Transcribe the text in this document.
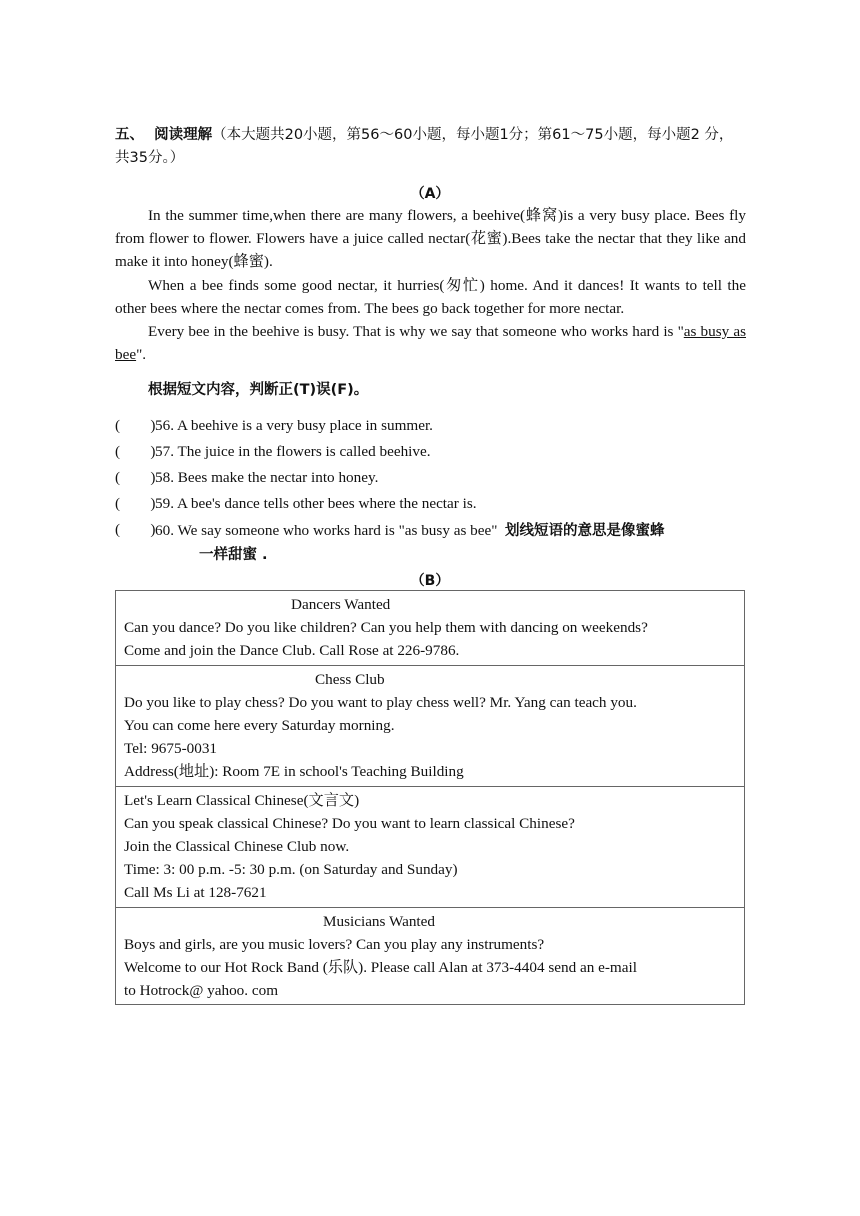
五、 阅读理解（本大题共20小题，第56～60小题，每小题1分；第61～75小题，每小题2 分，共35分。）
（A）

In the summer time,when there are many flowers, a beehive(蜂窝)is a very busy place. Bees fly from flower to flower. Flowers have a juice called nectar(花蜜).Bees take the nectar that they like and make it into honey(蜂蜜).

When a bee finds some good nectar, it hurries(匆忙) home. And it dances! It wants to tell the other bees where the nectar comes from. The bees go back together for more nectar.

Every bee in the beehive is busy. That is why we say that someone who works hard is "as busy as bee".

根据短文内容，判断正(T)误(F)。
(　　) 56. A beehive is a very busy place in summer.
(　　) 57. The juice in the flowers is called beehive.
(　　) 58. Bees make the nectar into honey.
(　　) 59. A bee's dance tells other bees where the nectar is.
(　　) 60. We say someone who works hard is "as busy as bee" 划线短语的意思是像蜜蜂
一样甜蜜 .
（B）
Dancers Wanted
Can you dance? Do you like children? Can you help them with dancing on weekends?
Come and join the Dance Club. Call Rose at 226-9786.

Chess Club
Do you like to play chess? Do you want to play chess well? Mr. Yang can teach you.
You can come here every Saturday morning.
Tel: 9675-0031
Address(地址): Room 7E in school's Teaching Building

Let's Learn Classical Chinese(文言文)
Can you speak classical Chinese? Do you want to learn classical Chinese?
Join the Classical Chinese Club now.
Time: 3: 00 p.m. -5: 30 p.m. (on Saturday and Sunday)
Call Ms Li at 128-7621

Musicians Wanted
Boys and girls, are you music lovers? Can you play any instruments?
Welcome to our Hot Rock Band (乐队). Please call Alan at 373-4404 send an e-mail
to Hotrock@ yahoo. com
